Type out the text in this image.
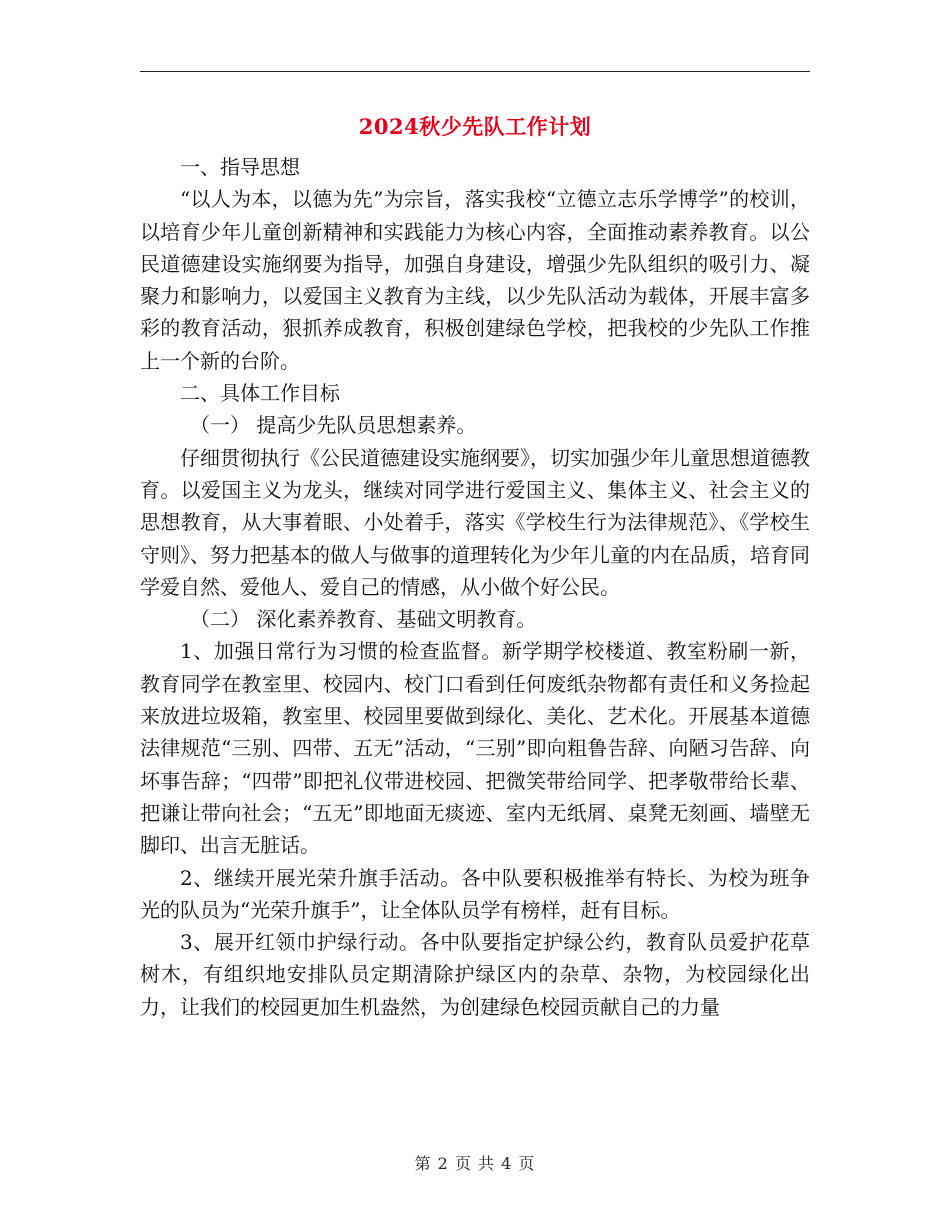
2024秋少先队工作计划

一、指导思想

“以人为本，以德为先”为宗旨，落实我校“立德立志乐学博学”的校训，以培育少年儿童创新精神和实践能力为核心内容，全面推动素养教育。以公民道德建设实施纲要为指导，加强自身建设，增强少先队组织的吸引力、凝聚力和影响力，以爱国主义教育为主线，以少先队活动为载体，开展丰富多彩的教育活动，狠抓养成教育，积极创建绿色学校，把我校的少先队工作推上一个新的台阶。

二、具体工作目标

（一） 提高少先队员思想素养。

仔细贯彻执行《公民道德建设实施纲要》，切实加强少年儿童思想道德教育。以爱国主义为龙头，继续对同学进行爱国主义、集体主义、社会主义的思想教育，从大事着眼、小处着手，落实《学校生行为法律规范》、《学校生守则》、努力把基本的做人与做事的道理转化为少年儿童的内在品质，培育同学爱自然、爱他人、爱自己的情感，从小做个好公民。

（二） 深化素养教育、基础文明教育。

1、加强日常行为习惯的检查监督。新学期学校楼道、教室粉刷一新，教育同学在教室里、校园内、校门口看到任何废纸杂物都有责任和义务捡起来放进垃圾箱，教室里、校园里要做到绿化、美化、艺术化。开展基本道德法律规范“三别、四带、五无”活动，“三别”即向粗鲁告辞、向陋习告辞、向坏事告辞；“四带”即把礼仪带进校园、把微笑带给同学、把孝敬带给长辈、把谦让带向社会；“五无”即地面无痰迹、室内无纸屑、桌凳无刻画、墙壁无脚印、出言无脏话。

2、继续开展光荣升旗手活动。各中队要积极推举有特长、为校为班争光的队员为“光荣升旗手”，让全体队员学有榜样，赶有目标。

3、展开红领巾护绿行动。各中队要指定护绿公约，教育队员爱护花草树木，有组织地安排队员定期清除护绿区内的杂草、杂物，为校园绿化出力，让我们的校园更加生机盎然，为创建绿色校园贡献自己的力量

第 2 页 共 4 页
